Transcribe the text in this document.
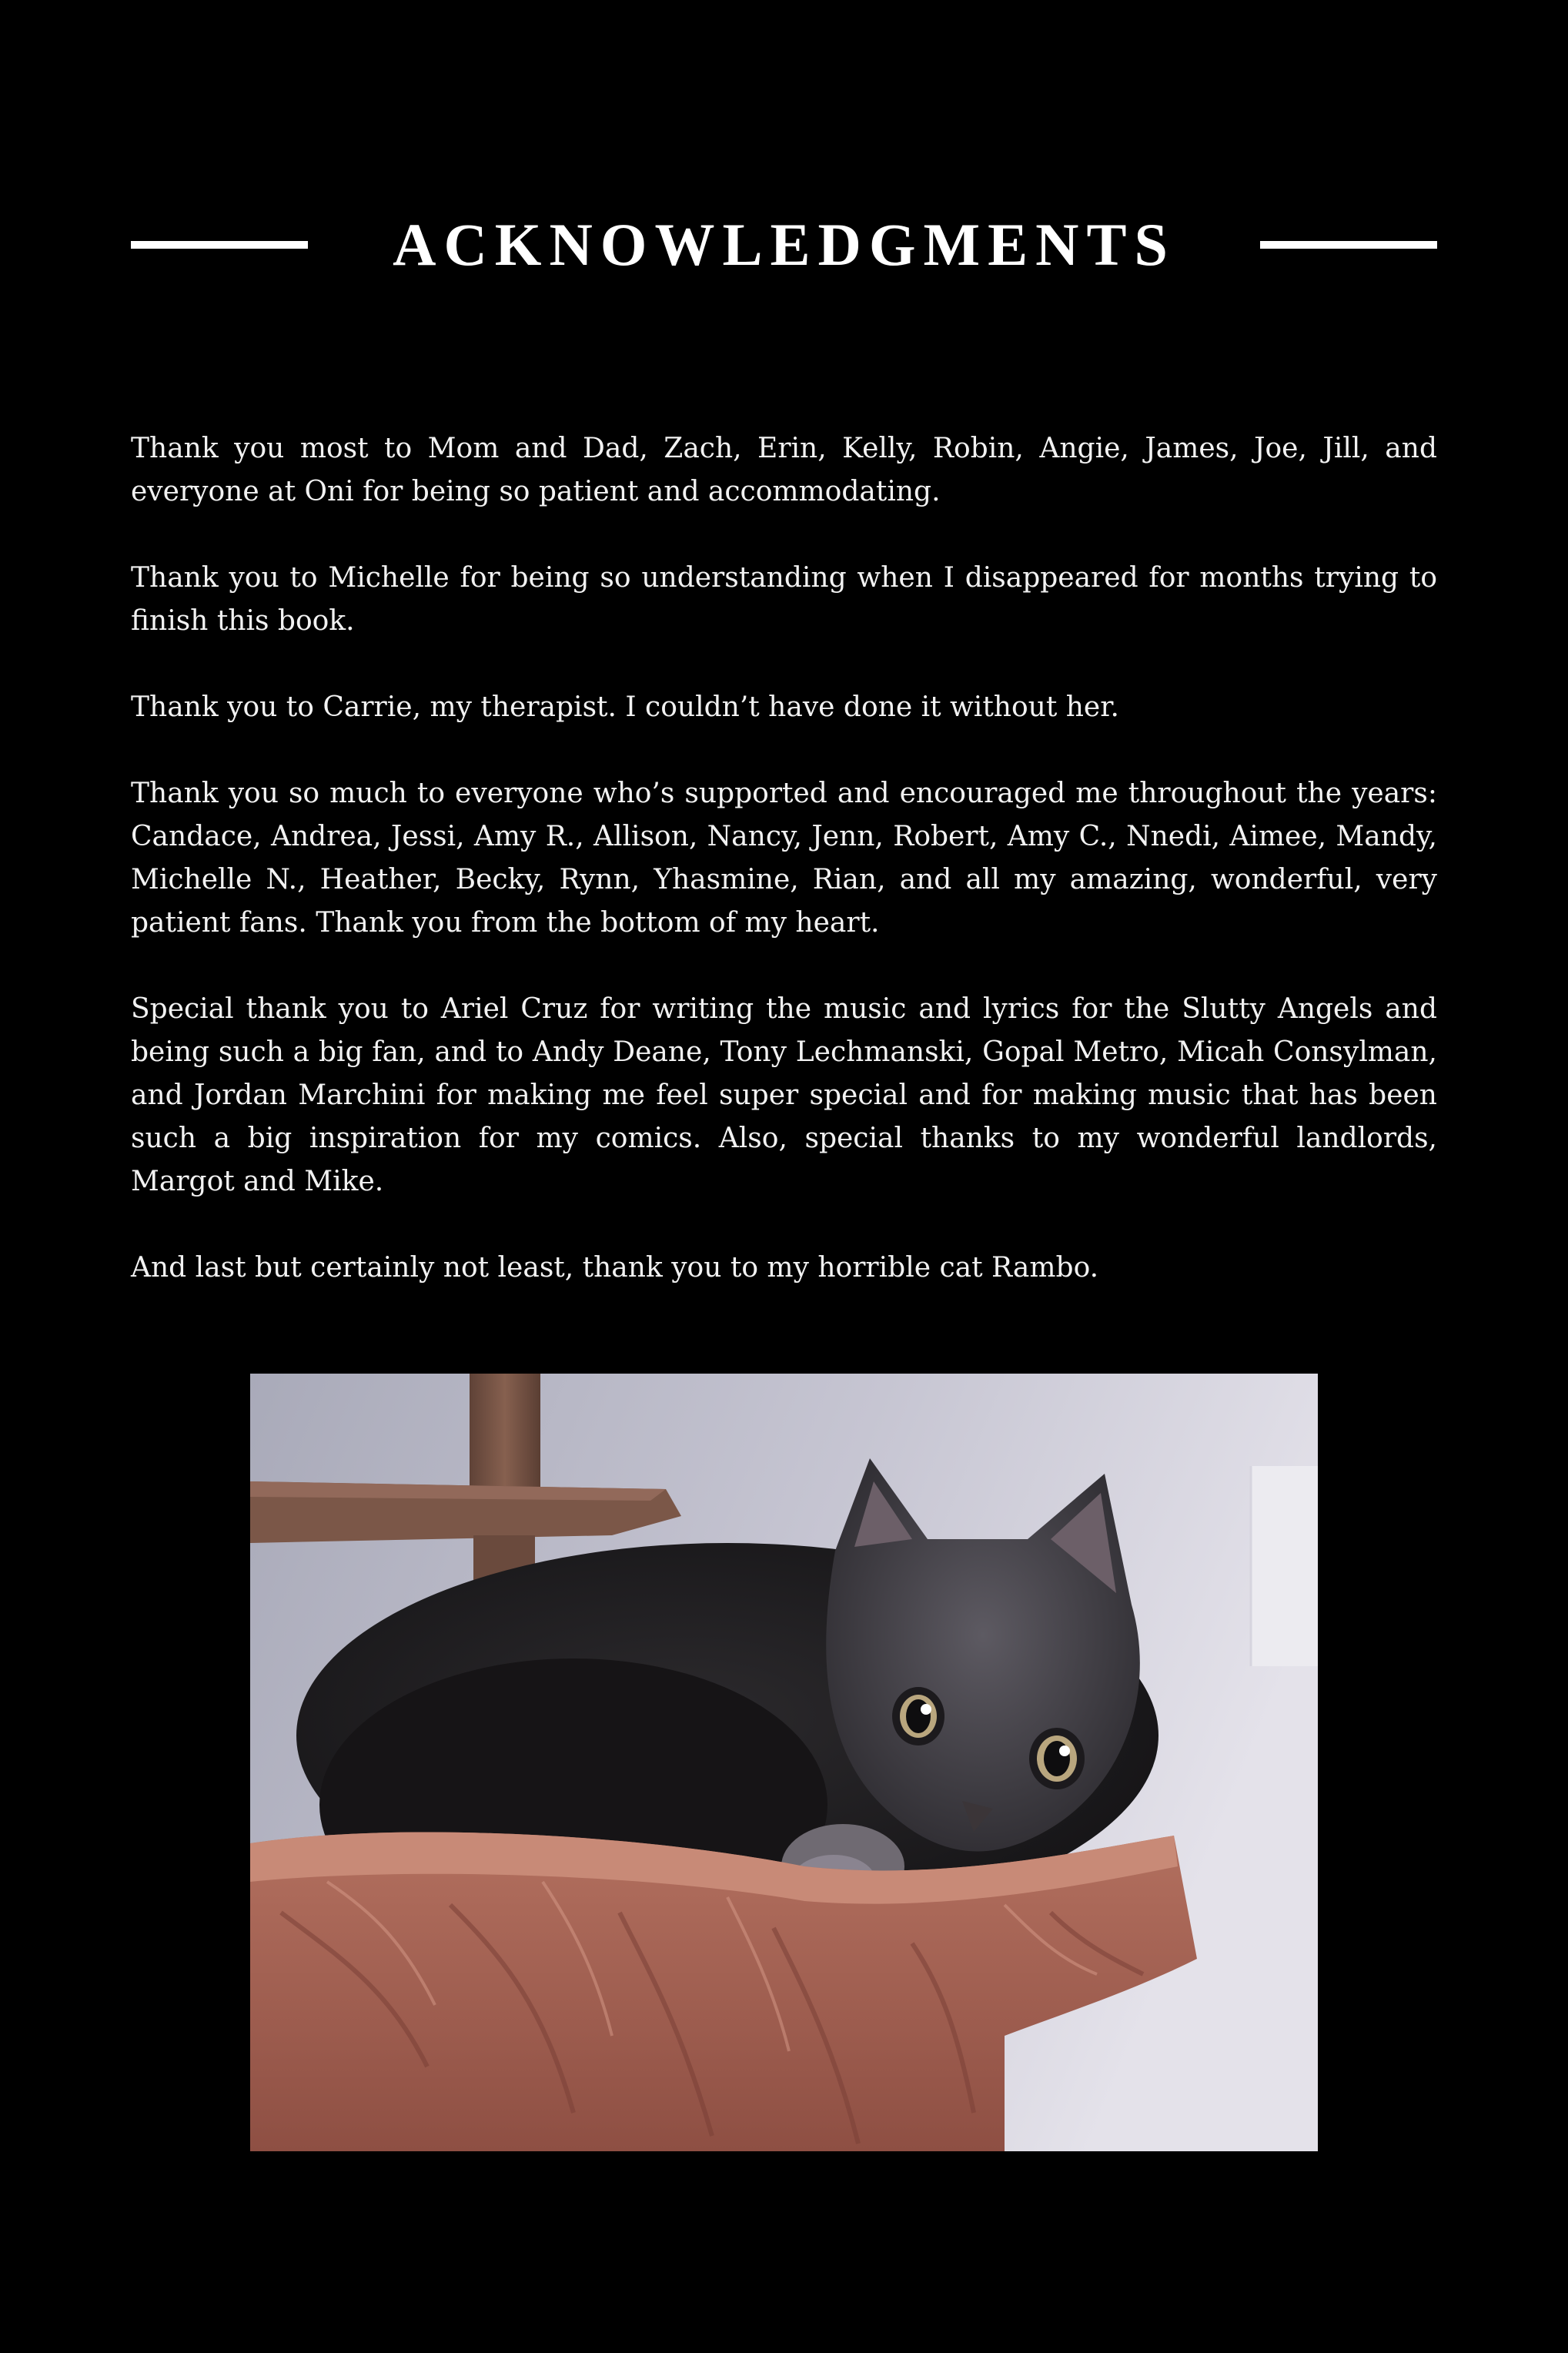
ACKNOWLEDGMENTS

Thank you most to Mom and Dad, Zach, Erin, Kelly, Robin, Angie, James, Joe, Jill, and everyone at Oni for being so patient and accommodating.

Thank you to Michelle for being so understanding when I disappeared for months trying to finish this book.

Thank you to Carrie, my therapist. I couldn’t have done it without her.

Thank you so much to everyone who’s supported and encouraged me throughout the years: Candace, Andrea, Jessi, Amy R., Allison, Nancy, Jenn, Robert, Amy C., Nnedi, Aimee, Mandy, Michelle N., Heather, Becky, Rynn, Yhasmine, Rian, and all my amazing, wonderful, very patient fans. Thank you from the bottom of my heart.

Special thank you to Ariel Cruz for writing the music and lyrics for the Slutty Angels and being such a big fan, and to Andy Deane, Tony Lechmanski, Gopal Metro, Micah Consylman, and Jordan Marchini for making me feel super special and for making music that has been such a big inspiration for my comics. Also, special thanks to my wonderful landlords, Margot and Mike.

And last but certainly not least, thank you to my horrible cat Rambo.
